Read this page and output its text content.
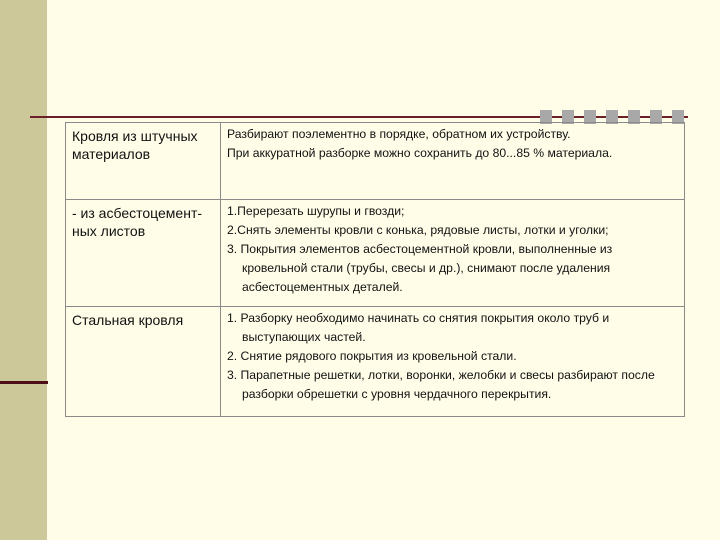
Кровля из штучных материалов	Разбирают поэлементно в порядке, обратном их устройству.
При аккуратной разборке можно сохранить до 80...85 % материала.

- из асбестоцемент-ных листов	1.Перерезать шурупы и гвозди;
2.Снять элементы кровли с конька, рядовые листы, лотки и уголки;
3. Покрытия элементов асбестоцементной кровли, выполненные из кровельной стали (трубы, свесы и др.), снимают после удаления асбестоцементных деталей.

Стальная кровля	1. Разборку необходимо начинать со снятия покрытия около труб и выступающих частей.
2. Снятие рядового покрытия из кровельной стали.
3. Парапетные решетки, лотки, воронки, желобки и свесы разбирают после разборки обрешетки с уровня чердачного перекрытия.
